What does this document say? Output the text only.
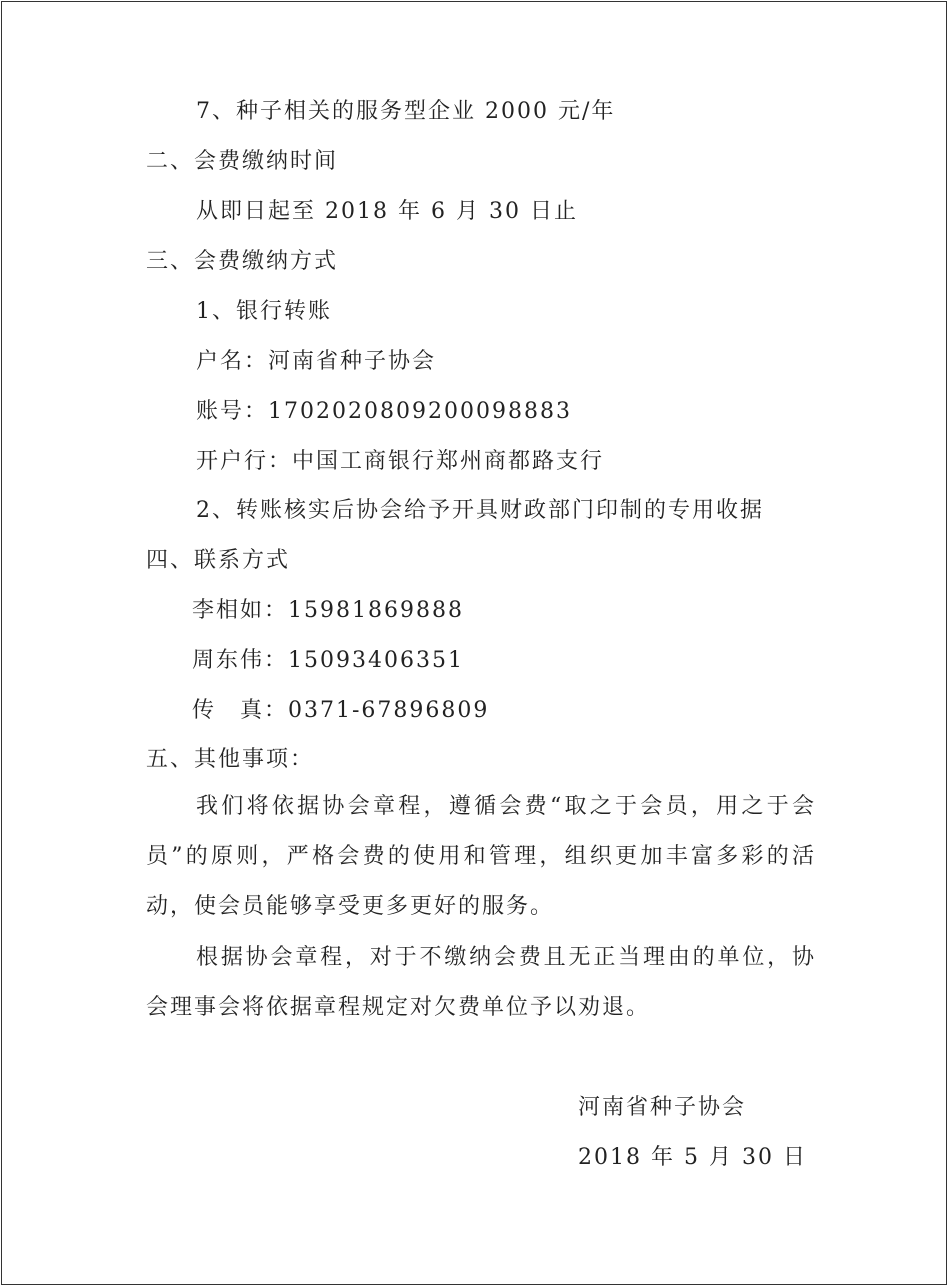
7、种子相关的服务型企业 2000 元/年
二、会费缴纳时间
从即日起至 2018 年 6 月 30 日止
三、会费缴纳方式
1、银行转账
户名：河南省种子协会
账号：1702020809200098883
开户行：中国工商银行郑州商都路支行
2、转账核实后协会给予开具财政部门印制的专用收据
四、联系方式
李相如：15981869888
周东伟：15093406351
传　真：0371-67896809
五、其他事项：
我们将依据协会章程，遵循会费“取之于会员，用之于会员”的原则，严格会费的使用和管理，组织更加丰富多彩的活动，使会员能够享受更多更好的服务。
根据协会章程，对于不缴纳会费且无正当理由的单位，协会理事会将依据章程规定对欠费单位予以劝退。
河南省种子协会
2018 年 5 月 30 日
